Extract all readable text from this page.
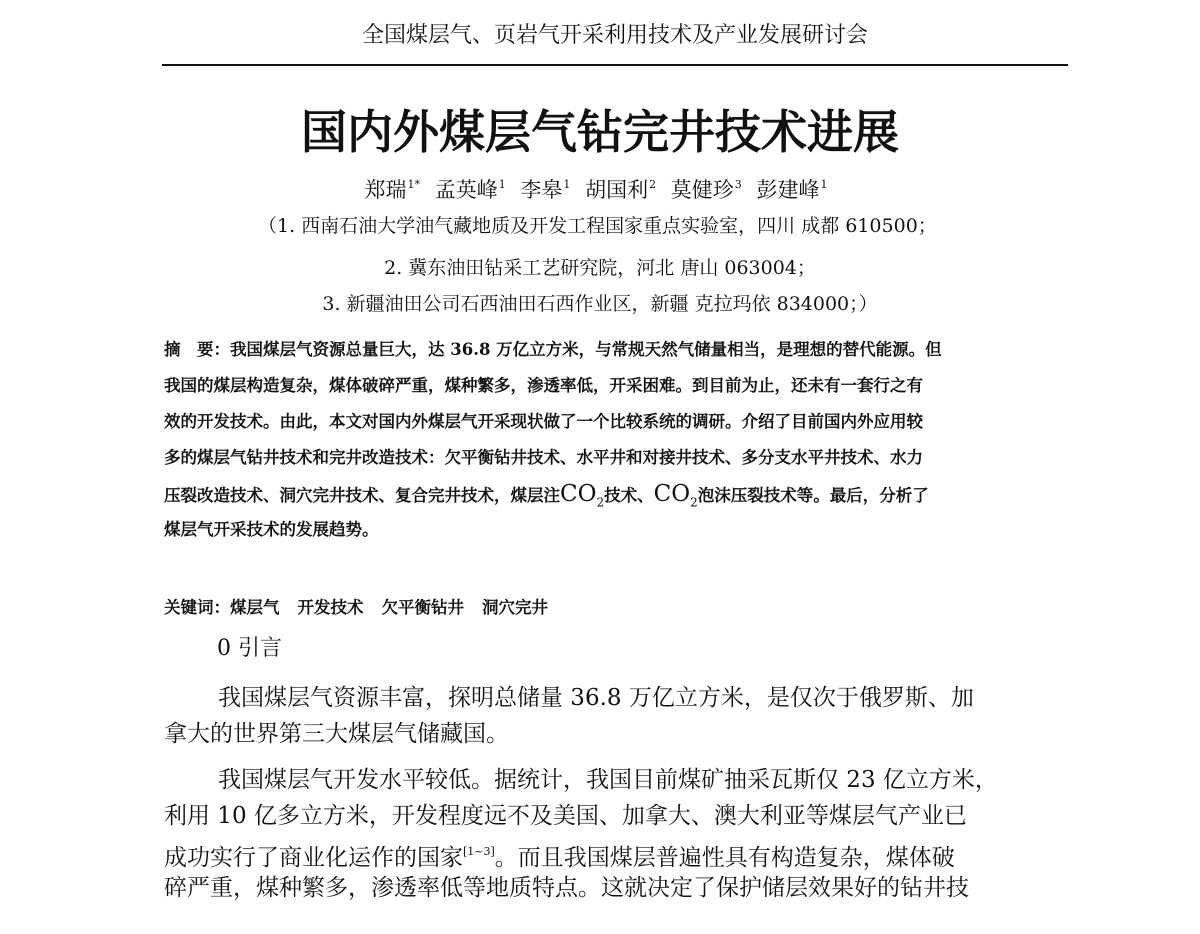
全国煤层气、页岩气开采利用技术及产业发展研讨会
国内外煤层气钻完井技术进展
郑瑞$^{1*}$ 孟英峰$^1$ 李皋$^1$ 胡国利$^2$ 莫健珍$^3$ 彭建峰$^1$
（1. 西南石油大学油气藏地质及开发工程国家重点实验室，四川 成都 610500；
2. 冀东油田钻采工艺研究院，河北 唐山 063004；
3. 新疆油田公司石西油田石西作业区，新疆 克拉玛依 834000；）
摘　要：我国煤层气资源总量巨大，达 36.8 万亿立方米，与常规天然气储量相当，是理想的替代能源。但
我国的煤层构造复杂，煤体破碎严重，煤种繁多，渗透率低，开采困难。到目前为止，还未有一套行之有
效的开发技术。由此，本文对国内外煤层气开采现状做了一个比较系统的调研。介绍了目前国内外应用较
多的煤层气钻井技术和完井改造技术：欠平衡钻井技术、水平井和对接井技术、多分支水平井技术、水力
压裂改造技术、洞穴完井技术、复合完井技术，煤层注$CO_2$技术、$CO_2$泡沫压裂技术等。最后，分析了
煤层气开采技术的发展趋势。
关键词：煤层气 开发技术 欠平衡钻井 洞穴完井
0 引言
我国煤层气资源丰富，探明总储量 36.8 万亿立方米，是仅次于俄罗斯、加
拿大的世界第三大煤层气储藏国。
我国煤层气开发水平较低。据统计，我国目前煤矿抽采瓦斯仅 23 亿立方米，
利用 10 亿多立方米，开发程度远不及美国、加拿大、澳大利亚等煤层气产业已
成功实行了商业化运作的国家[1~3]。而且我国煤层普遍性具有构造复杂，煤体破
碎严重，煤种繁多，渗透率低等地质特点。这就决定了保护储层效果好的钻井技
